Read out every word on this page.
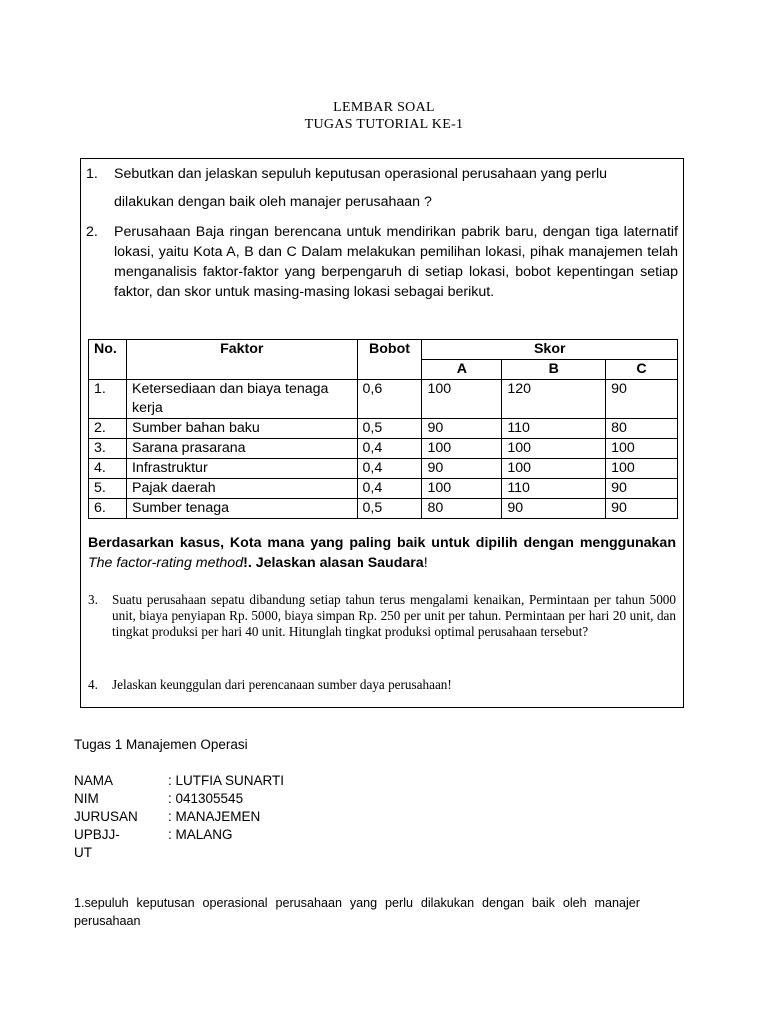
LEMBAR SOAL
TUGAS TUTORIAL KE-1
1. Sebutkan dan jelaskan sepuluh keputusan operasional perusahaan yang perlu
dilakukan dengan baik oleh manajer perusahaan ?
2. Perusahaan Baja ringan berencana untuk mendirikan pabrik baru, dengan tiga laternatif lokasi, yaitu Kota A, B dan C Dalam melakukan pemilihan lokasi, pihak manajemen telah menganalisis faktor-faktor yang berpengaruh di setiap lokasi, bobot kepentingan setiap faktor, dan skor untuk masing-masing lokasi sebagai berikut.
No.	Faktor	Bobot	Skor		
			A	B	C
1.	Ketersediaan dan biaya tenaga kerja	0,6	100	120	90
2.	Sumber bahan baku	0,5	90	110	80
3.	Sarana prasarana	0,4	100	100	100
4.	Infrastruktur	0,4	90	100	100
5.	Pajak daerah	0,4	100	110	90
6.	Sumber tenaga	0,5	80	90	90
Berdasarkan kasus, Kota mana yang paling baik untuk dipilih dengan menggunakan The factor-rating method!. Jelaskan alasan Saudara!
3. Suatu perusahaan sepatu dibandung setiap tahun terus mengalami kenaikan, Permintaan per tahun 5000 unit, biaya penyiapan Rp. 5000, biaya simpan Rp. 250 per unit per tahun. Permintaan per hari 20 unit, dan tingkat produksi per hari 40 unit. Hitunglah tingkat produksi optimal perusahaan tersebut?
4. Jelaskan keunggulan dari perencanaan sumber daya perusahaan!
Tugas 1 Manajemen Operasi
NAMA	: LUTFIA SUNARTI
NIM	: 041305545
JURUSAN : MANAJEMEN
UPBJJ-UT
: MALANG
1.sepuluh keputusan operasional perusahaan yang perlu dilakukan dengan baik oleh manajer perusahaan
